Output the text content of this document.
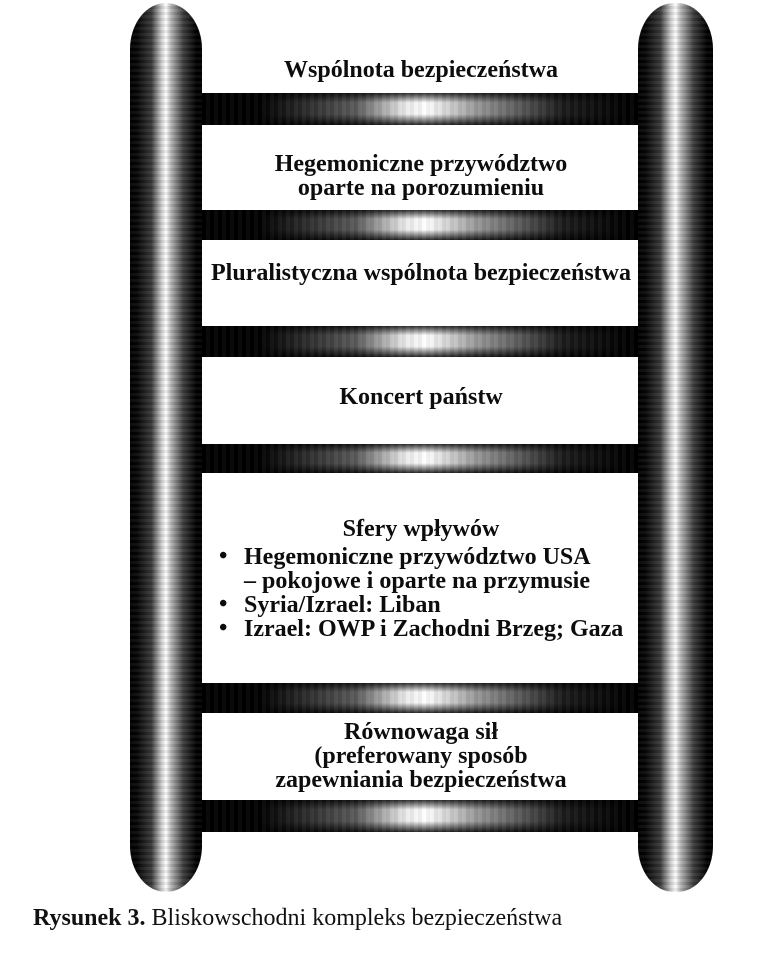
Wspólnota bezpieczeństwa
Hegemoniczne przywództwo
oparte na porozumieniu
Pluralistyczna wspólnota bezpieczeństwa
Koncert państw
Sfery wpływów
• Hegemoniczne przywództwo USA
– pokojowe i oparte na przymusie
• Syria/Izrael: Liban
• Izrael: OWP i Zachodni Brzeg; Gaza
Równowaga sił
(preferowany sposób
zapewniania bezpieczeństwa

Rysunek 3. Bliskowschodni kompleks bezpieczeństwa
